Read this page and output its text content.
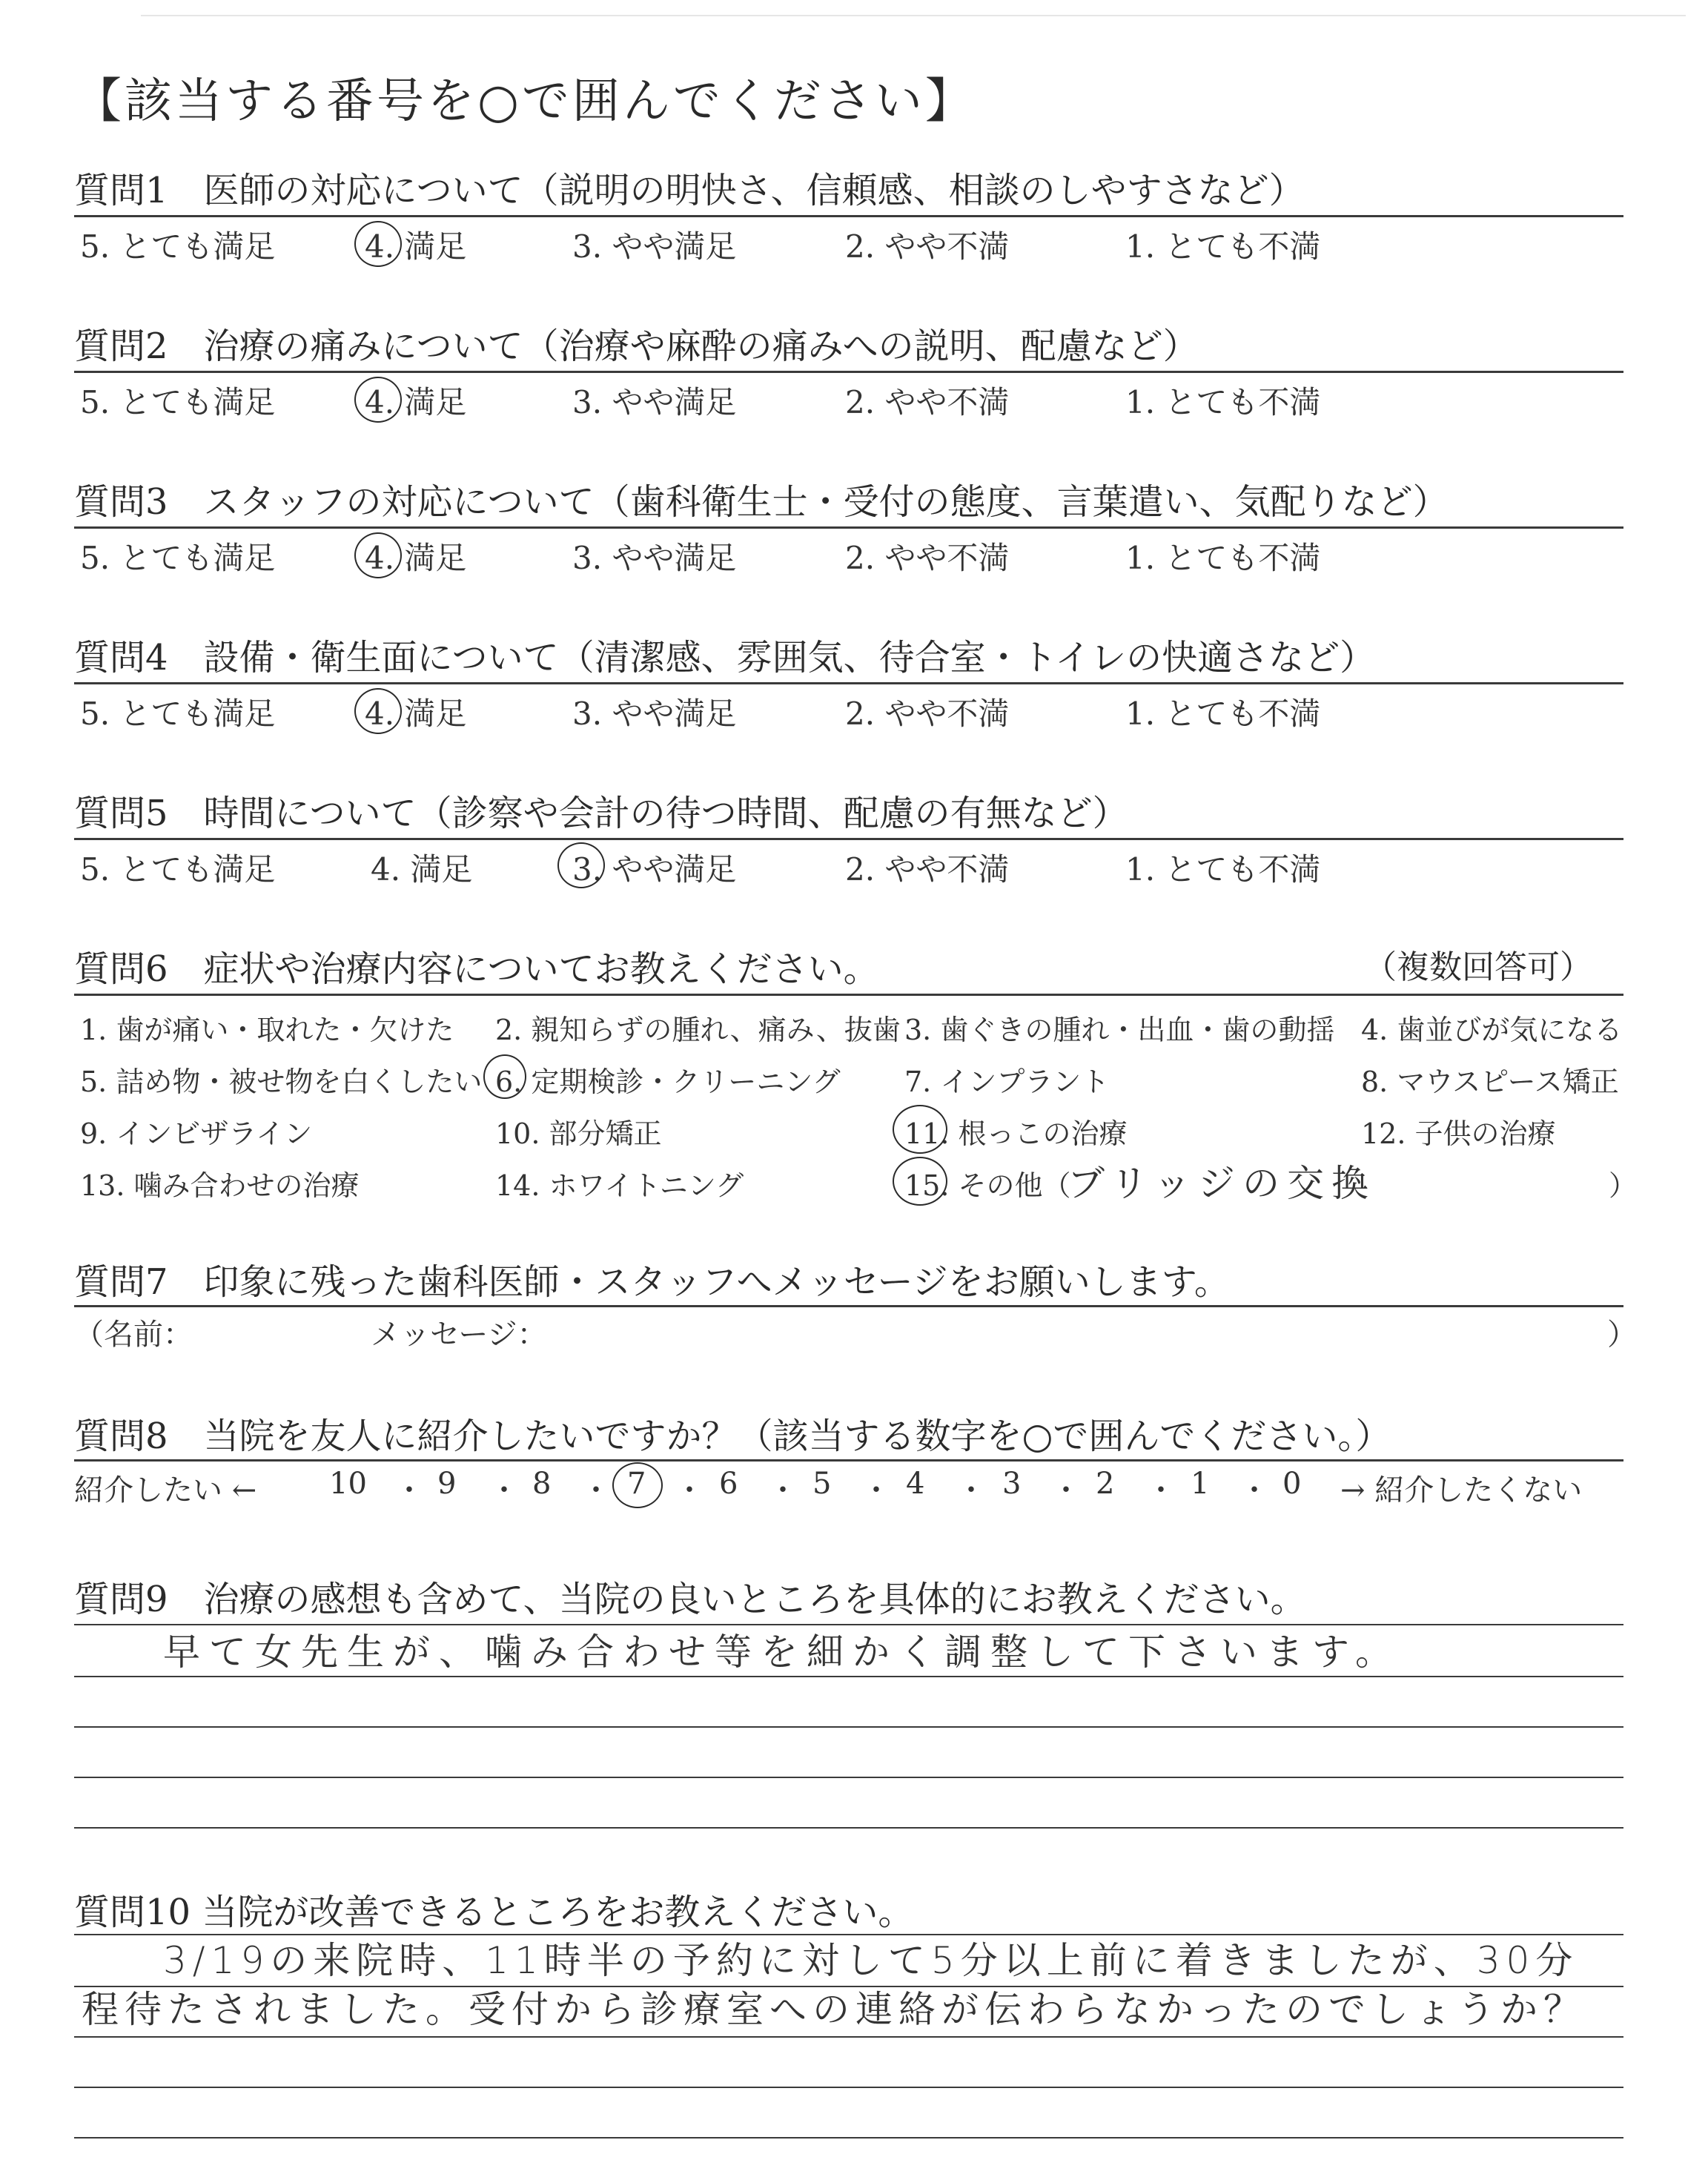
【該当する番号を○で囲んでください】
質問1　医師の対応について（説明の明快さ、信頼感、相談のしやすさなど）
5. とても満足	4. 満足	3. やや満足	2. やや不満	1. とても不満
質問2　治療の痛みについて（治療や麻酔の痛みへの説明、配慮など）
5. とても満足	4. 満足	3. やや満足	2. やや不満	1. とても不満
質問3　スタッフの対応について（歯科衛生士・受付の態度、言葉遣い、気配りなど）
5. とても満足	4. 満足	3. やや満足	2. やや不満	1. とても不満
質問4　設備・衛生面について（清潔感、雰囲気、待合室・トイレの快適さなど）
5. とても満足	4. 満足	3. やや満足	2. やや不満	1. とても不満
質問5　時間について（診察や会計の待つ時間、配慮の有無など）
5. とても満足	4. 満足	3. やや満足	2. やや不満	1. とても不満
質問6　症状や治療内容についてお教えください。	（複数回答可）
1. 歯が痛い・取れた・欠けた 2. 親知らずの腫れ、痛み、抜歯 3. 歯ぐきの腫れ・出血・歯の動揺 4. 歯並びが気になる
5. 詰め物・被せ物を白くしたい 6. 定期検診・クリーニング 7. インプラント	8. マウスピース矯正
9. インビザライン	10. 部分矯正	11. 根っこの治療	12. 子供の治療
13. 噛み合わせの治療	14. ホワイトニング	15. その他（
ブリッジの交換	）
質問7　印象に残った歯科医師・スタッフへメッセージをお願いします。
（名前：	メッセージ：	）
質問8　当院を友人に紹介したいですか？（該当する数字を○で囲んでください。）
紹介したい ←	→ 紹介したくない
10 ・ 9 ・ 8 ・ 7 ・ 6 ・ 5 ・ 4 ・ 3 ・ 2 ・ 1 ・ 0
質問9　治療の感想も含めて、当院の良いところを具体的にお教えください。
早て女先生が、噛み合わせ等を細かく調整して下さいます。
質問10 当院が改善できるところをお教えください。
3/19の来院時、11時半の予約に対して5分以上前に着きましたが、30分
程待たされました。受付から診療室への連絡が伝わらなかったのでしょうか？
